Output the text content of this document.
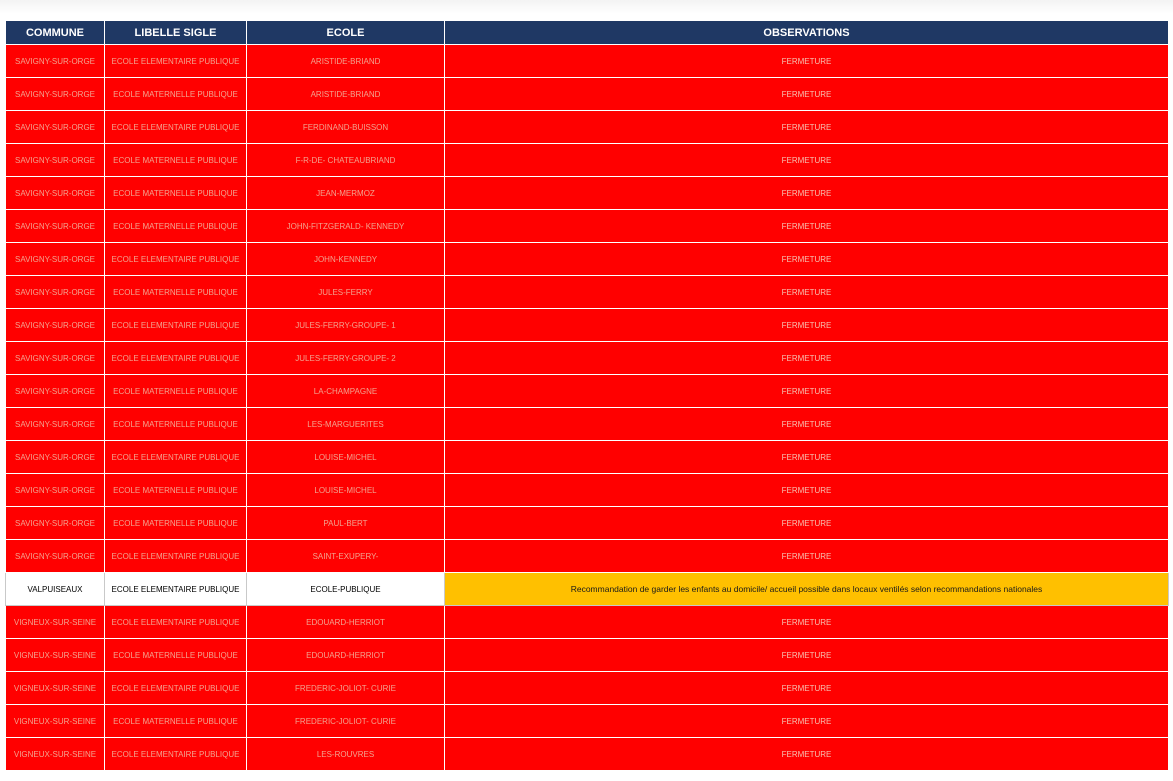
COMMUNE	LIBELLE SIGLE	ECOLE	OBSERVATIONS
SAVIGNY-SUR-ORGE	ECOLE ELEMENTAIRE PUBLIQUE	ARISTIDE-BRIAND	FERMETURE
SAVIGNY-SUR-ORGE	ECOLE MATERNELLE PUBLIQUE	ARISTIDE-BRIAND	FERMETURE
SAVIGNY-SUR-ORGE	ECOLE ELEMENTAIRE PUBLIQUE	FERDINAND-BUISSON	FERMETURE
SAVIGNY-SUR-ORGE	ECOLE MATERNELLE PUBLIQUE	F-R-DE- CHATEAUBRIAND	FERMETURE
SAVIGNY-SUR-ORGE	ECOLE MATERNELLE PUBLIQUE	JEAN-MERMOZ	FERMETURE
SAVIGNY-SUR-ORGE	ECOLE MATERNELLE PUBLIQUE	JOHN-FITZGERALD- KENNEDY	FERMETURE
SAVIGNY-SUR-ORGE	ECOLE ELEMENTAIRE PUBLIQUE	JOHN-KENNEDY	FERMETURE
SAVIGNY-SUR-ORGE	ECOLE MATERNELLE PUBLIQUE	JULES-FERRY	FERMETURE
SAVIGNY-SUR-ORGE	ECOLE ELEMENTAIRE PUBLIQUE	JULES-FERRY-GROUPE- 1	FERMETURE
SAVIGNY-SUR-ORGE	ECOLE ELEMENTAIRE PUBLIQUE	JULES-FERRY-GROUPE- 2	FERMETURE
SAVIGNY-SUR-ORGE	ECOLE MATERNELLE PUBLIQUE	LA-CHAMPAGNE	FERMETURE
SAVIGNY-SUR-ORGE	ECOLE MATERNELLE PUBLIQUE	LES-MARGUERITES	FERMETURE
SAVIGNY-SUR-ORGE	ECOLE ELEMENTAIRE PUBLIQUE	LOUISE-MICHEL	FERMETURE
SAVIGNY-SUR-ORGE	ECOLE MATERNELLE PUBLIQUE	LOUISE-MICHEL	FERMETURE
SAVIGNY-SUR-ORGE	ECOLE MATERNELLE PUBLIQUE	PAUL-BERT	FERMETURE
SAVIGNY-SUR-ORGE	ECOLE ELEMENTAIRE PUBLIQUE	SAINT-EXUPERY-	FERMETURE
VALPUISEAUX	ECOLE ELEMENTAIRE PUBLIQUE	ECOLE-PUBLIQUE	Recommandation de garder les enfants au domicile/ accueil possible dans locaux ventilés selon recommandations nationales
VIGNEUX-SUR-SEINE	ECOLE ELEMENTAIRE PUBLIQUE	EDOUARD-HERRIOT	FERMETURE
VIGNEUX-SUR-SEINE	ECOLE MATERNELLE PUBLIQUE	EDOUARD-HERRIOT	FERMETURE
VIGNEUX-SUR-SEINE	ECOLE ELEMENTAIRE PUBLIQUE	FREDERIC-JOLIOT- CURIE	FERMETURE
VIGNEUX-SUR-SEINE	ECOLE MATERNELLE PUBLIQUE	FREDERIC-JOLIOT- CURIE	FERMETURE
VIGNEUX-SUR-SEINE	ECOLE ELEMENTAIRE PUBLIQUE	LES-ROUVRES	FERMETURE
